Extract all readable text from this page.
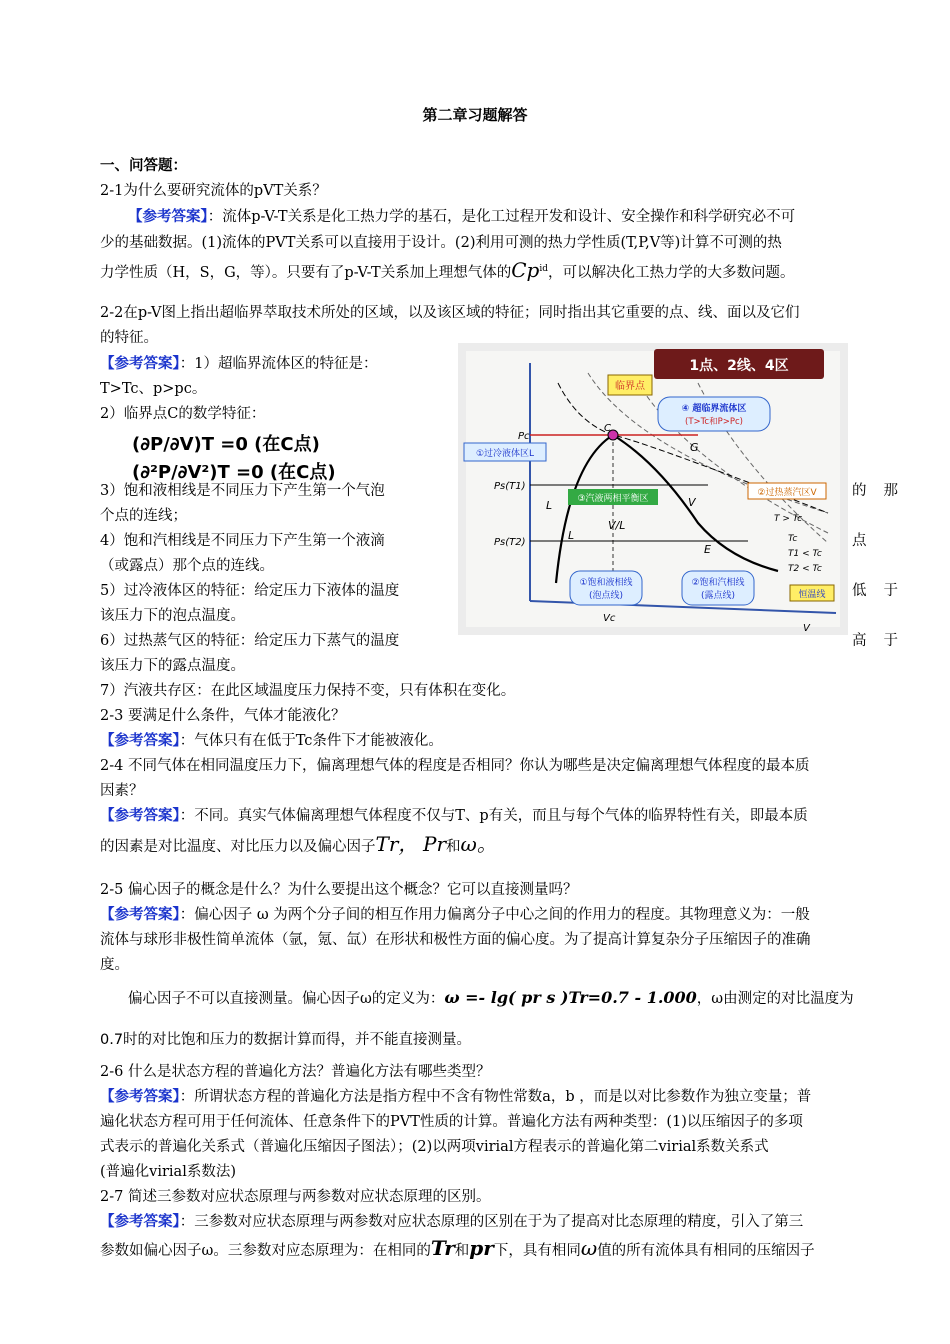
第二章习题解答
一、问答题：
2-1为什么要研究流体的pVT关系？
【参考答案】：流体p-V-T关系是化工热力学的基石，是化工过程开发和设计、安全操作和科学研究必不可
少的基础数据。(1)流体的PVT关系可以直接用于设计。(2)利用可测的热力学性质(T,P,V等)计算不可测的热
力学性质（H，S，G，等）。只要有了p-V-T关系加上理想气体的$Cp^{id}$，可以解决化工热力学的大多数问题。
2-2在p-V图上指出超临界萃取技术所处的区域，以及该区域的特征；同时指出其它重要的点、线、面以及它们
的特征。
【参考答案】：1）超临界流体区的特征是：
T>Tc、p>pc。
2）临界点C的数学特征：
(∂P/∂V)T =0 (在C点)
(∂²P/∂V²)T =0 (在C点)
3）饱和液相线是不同压力下产生第一个气泡	的那
个点的连线；
4）饱和汽相线是不同压力下产生第一个液滴	点
（或露点）那个点的连线。
5）过冷液体区的特征：给定压力下液体的温度	低于
该压力下的泡点温度。
6）过热蒸气区的特征：给定压力下蒸气的温度	高于
该压力下的露点温度。
7）汽液共存区：在此区域温度压力保持不变，只有体积在变化。
1点、2线、4区
Pc
Ps(T1)
Ps(T2)
Vc
V
C
G
L
L
V/L
V
E
T > Tc
Tc
T1 < Tc
T2 < Tc
临界点
④ 超临界流体区
(T>Tc和P>Pc)
①过冷液体区L
③汽液两相平衡区
②过热蒸汽区V
①饱和液相线
(泡点线)
②饱和汽相线
(露点线)	恒温线
2-3 要满足什么条件，气体才能液化？
【参考答案】：气体只有在低于Tc条件下才能被液化。
2-4 不同气体在相同温度压力下，偏离理想气体的程度是否相同？你认为哪些是决定偏离理想气体程度的最本质
因素？
【参考答案】：不同。真实气体偏离理想气体程度不仅与T、p有关，而且与每个气体的临界特性有关，即最本质
的因素是对比温度、对比压力以及偏心因子Tr， Pr和ω。
2-5 偏心因子的概念是什么？为什么要提出这个概念？它可以直接测量吗？
【参考答案】：偏心因子 ω 为两个分子间的相互作用力偏离分子中心之间的作用力的程度。其物理意义为：一般
流体与球形非极性简单流体（氩，氪、氙）在形状和极性方面的偏心度。为了提高计算复杂分子压缩因子的准确
度。
偏心因子不可以直接测量。偏心因子ω的定义为：ω =- lg( pr s )Tr=0.7 - 1.000，ω由测定的对比温度为
0.7时的对比饱和压力的数据计算而得，并不能直接测量。
2-6 什么是状态方程的普遍化方法？普遍化方法有哪些类型？
【参考答案】：所谓状态方程的普遍化方法是指方程中不含有物性常数a，b ，而是以对比参数作为独立变量；普
遍化状态方程可用于任何流体、任意条件下的PVT性质的计算。普遍化方法有两种类型：(1)以压缩因子的多项
式表示的普遍化关系式（普遍化压缩因子图法）；(2)以两项virial方程表示的普遍化第二virial系数关系式
(普遍化virial系数法)
2-7 简述三参数对应状态原理与两参数对应状态原理的区别。
【参考答案】：三参数对应状态原理与两参数对应状态原理的区别在于为了提高对比态原理的精度，引入了第三
参数如偏心因子ω。三参数对应态原理为：在相同的Tr和pr下，具有相同ω值的所有流体具有相同的压缩因子
